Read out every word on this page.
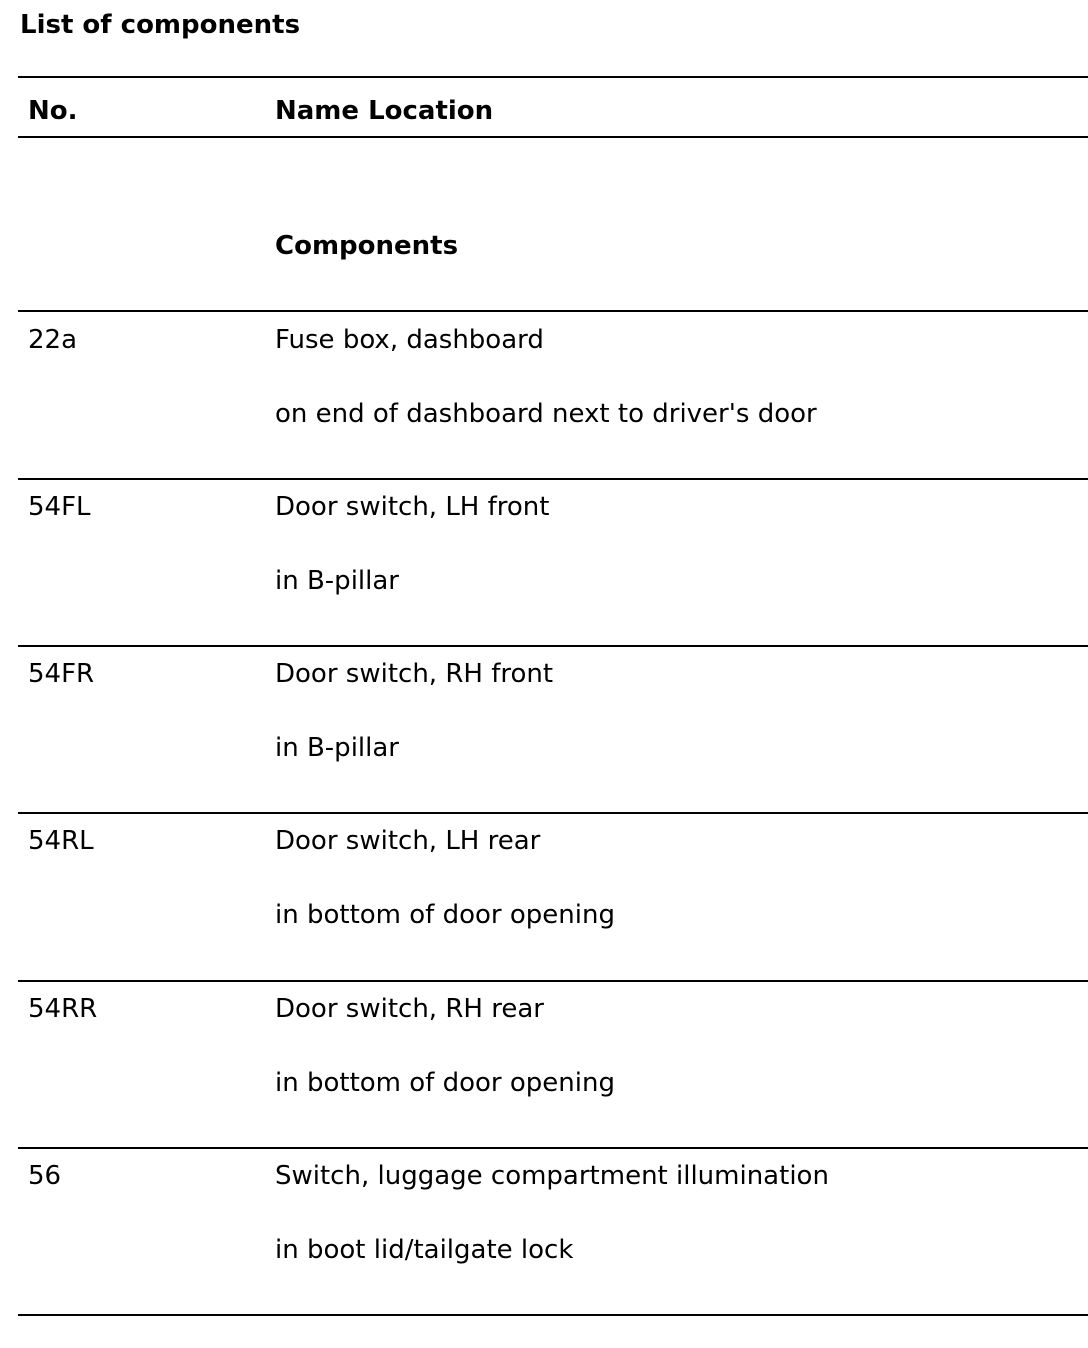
List of components
No.	Name Location
Components
22a	Fuse box, dashboard
on end of dashboard next to driver's door
54FL	Door switch, LH front
in B-pillar
54FR	Door switch, RH front
in B-pillar
54RL	Door switch, LH rear
in bottom of door opening
54RR	Door switch, RH rear
in bottom of door opening
56	Switch, luggage compartment illumination
in boot lid/tailgate lock
